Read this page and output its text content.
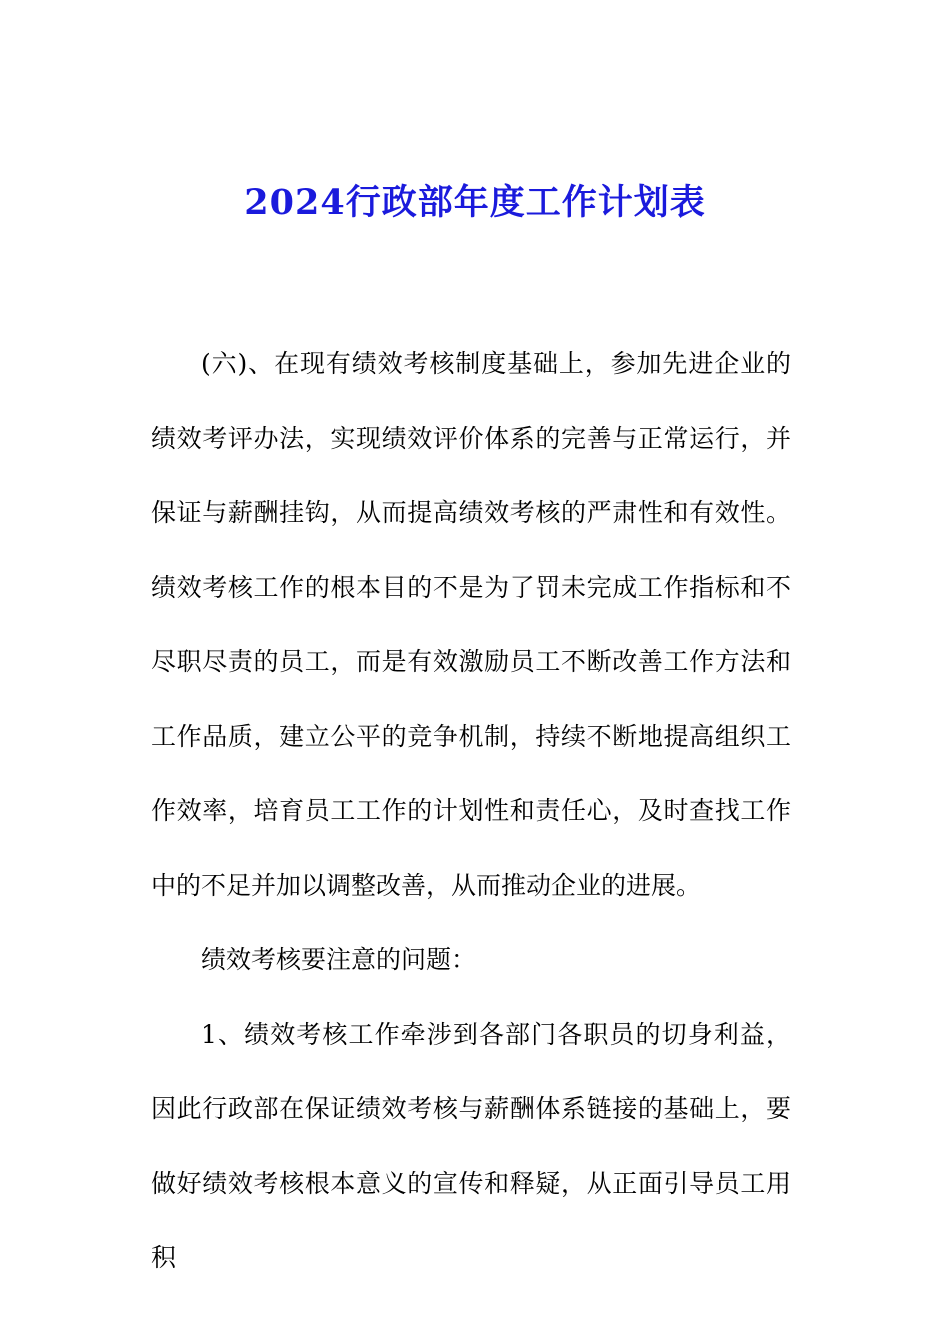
2024行政部年度工作计划表

(六)、在现有绩效考核制度基础上，参加先进企业的绩效考评办法，实现绩效评价体系的完善与正常运行，并保证与薪酬挂钩，从而提高绩效考核的严肃性和有效性。绩效考核工作的根本目的不是为了罚未完成工作指标和不尽职尽责的员工，而是有效激励员工不断改善工作方法和工作品质，建立公平的竞争机制，持续不断地提高组织工作效率，培育员工工作的计划性和责任心，及时查找工作中的不足并加以调整改善，从而推动企业的进展。

绩效考核要注意的问题：

1、绩效考核工作牵涉到各部门各职员的切身利益，因此行政部在保证绩效考核与薪酬体系链接的基础上，要做好绩效考核根本意义的宣传和释疑，从正面引导员工用积
